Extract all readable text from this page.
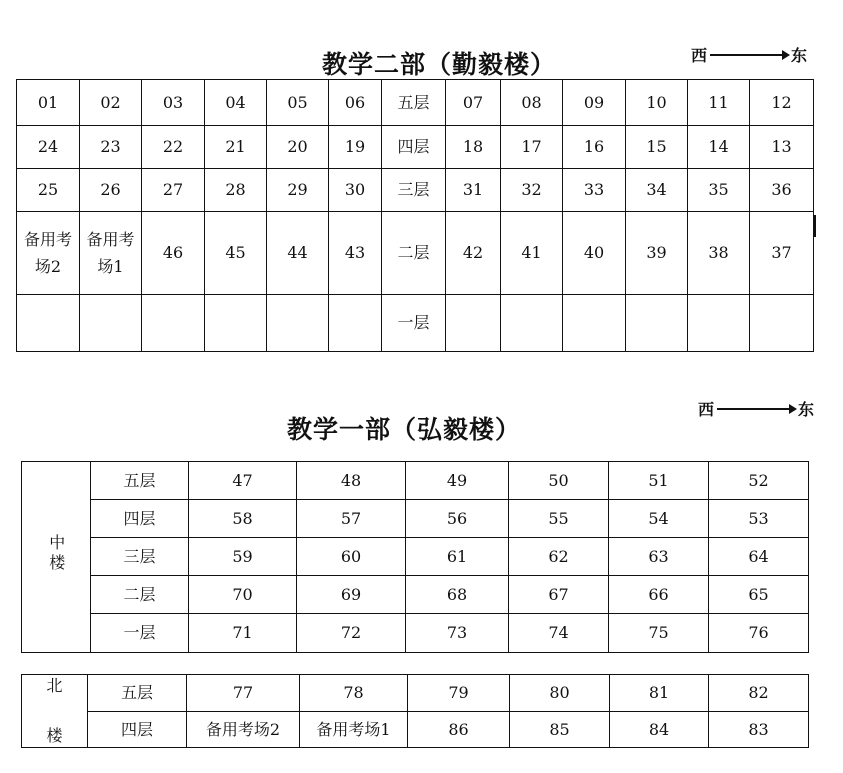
教学二部（勤毅楼）	西	东
01	02	03	04	05	06	五层	07	08	09	10	11	12
24	23	22	21	20	19	四层	18	17	16	15	14	13
25	26	27	28	29	30	三层	31	32	33	34	35	36
备用考场2	备用考场1	46	45	44	43	二层	42	41	40	39	38	37
						一层						
教学一部（弘毅楼）
西	东
中楼	五层	47	48	49	50	51	52
	四层	58	57	56	55	54	53
	三层	59	60	61	62	63	64
	二层	70	69	68	67	66	65
	一层	71	72	73	74	75	76
北	五层	77	78	79	80	81	82
楼	四层	备用考场2	备用考场1	86	85	84	83
